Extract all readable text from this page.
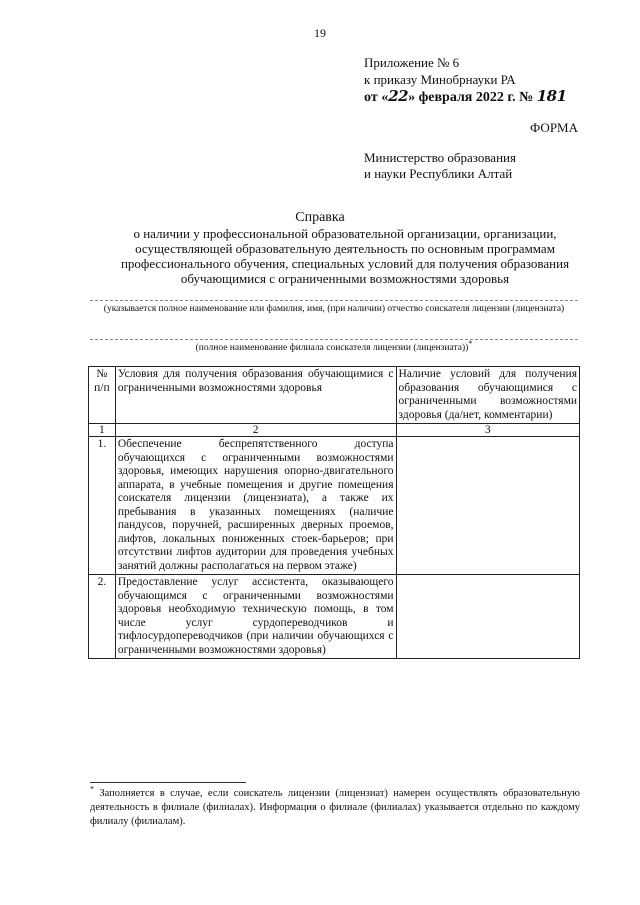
19
Приложение № 6
к приказу Минобрнауки РА
от «22» февраля 2022 г. № 181
ФОРМА
Министерство образования
и науки Республики Алтай
Справка
о наличии у профессиональной образовательной организации, организации, осуществляющей образовательную деятельность по основным программам профессионального обучения, специальных условий для получения образования обучающимися с ограниченными возможностями здоровья
(указывается полное наименование или фамилия, имя, (при наличии) отчество соискателя лицензии (лицензиата)
(полное наименование филиала соискателя лицензии (лицензиата))*
№ п/п	Условия для получения образования обучающимися с ограниченными возможностями здоровья	Наличие условий для получения образования обучающимися с ограниченными возможностями здоровья (да/нет, комментарии)
1	2	3
1.	Обеспечение беспрепятственного доступа обучающихся с ограниченными возможностями здоровья, имеющих нарушения опорно-двигательного аппарата, в учебные помещения и другие помещения соискателя лицензии (лицензиата), а также их пребывания в указанных помещениях (наличие пандусов, поручней, расширенных дверных проемов, лифтов, локальных пониженных стоек-барьеров; при отсутствии лифтов аудитории для проведения учебных занятий должны располагаться на первом этаже)	
2.	Предоставление услуг ассистента, оказывающего обучающимся с ограниченными возможностями здоровья необходимую техническую помощь, в том числе услуг сурдопереводчиков и тифлосурдопереводчиков (при наличии обучающихся с ограниченными возможностями здоровья)	
* Заполняется в случае, если соискатель лицензии (лицензиат) намерен осуществлять образовательную деятельность в филиале (филиалах). Информация о филиале (филиалах) указывается отдельно по каждому филиалу (филиалам).
